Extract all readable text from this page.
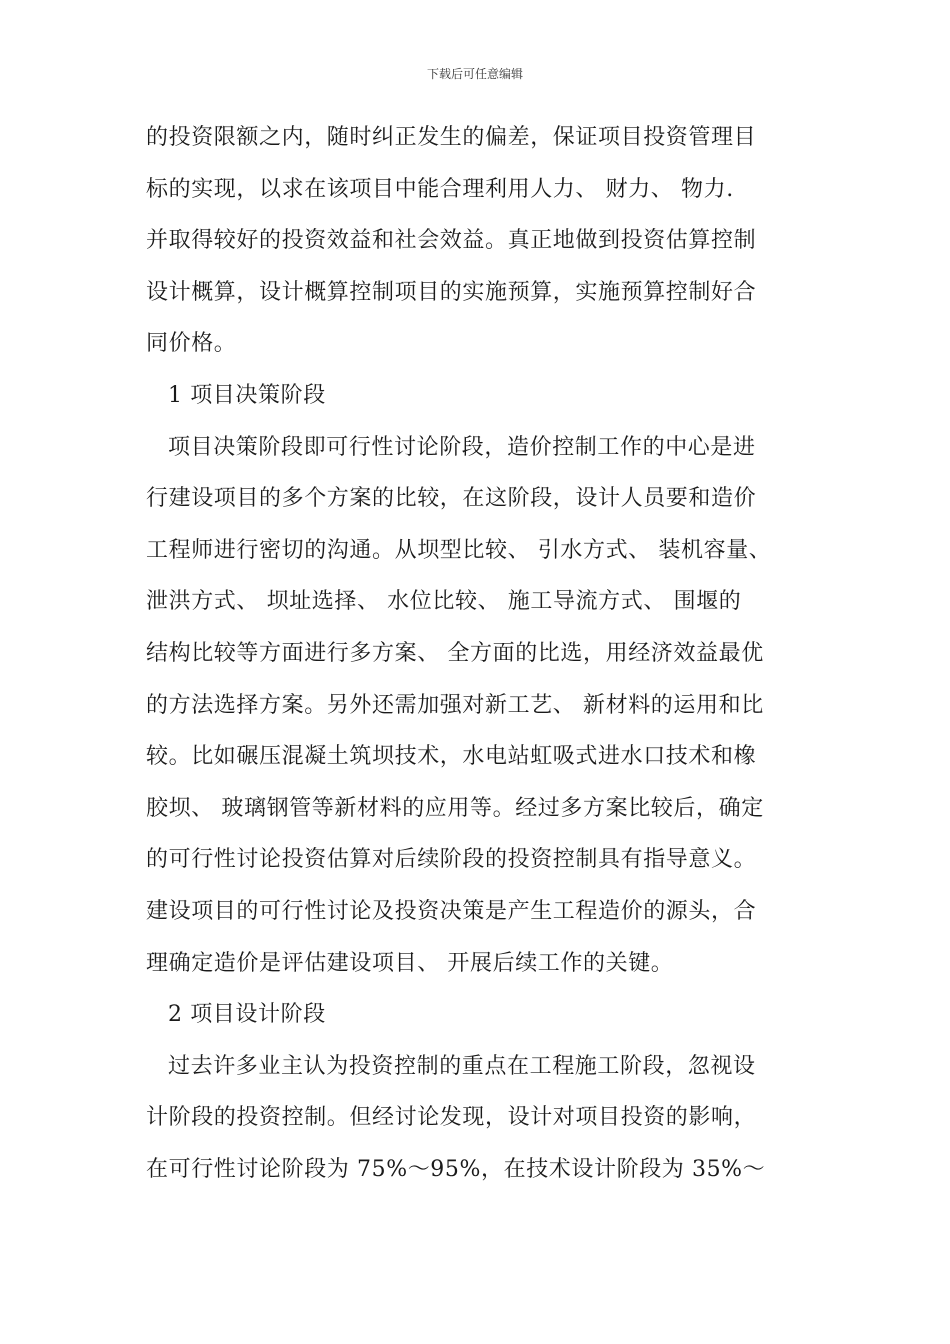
下载后可任意编辑
的投资限额之内，随时纠正发生的偏差，保证项目投资管理目
标的实现，以求在该项目中能合理利用人力、 财力、 物力.
并取得较好的投资效益和社会效益。真正地做到投资估算控制
设计概算，设计概算控制项目的实施预算，实施预算控制好合
同价格。
1 项目决策阶段
项目决策阶段即可行性讨论阶段，造价控制工作的中心是进
行建设项目的多个方案的比较，在这阶段，设计人员要和造价
工程师进行密切的沟通。从坝型比较、 引水方式、 装机容量、
泄洪方式、 坝址选择、 水位比较、 施工导流方式、 围堰的
结构比较等方面进行多方案、 全方面的比选，用经济效益最优
的方法选择方案。另外还需加强对新工艺、 新材料的运用和比
较。比如碾压混凝土筑坝技术，水电站虹吸式进水口技术和橡
胶坝、 玻璃钢管等新材料的应用等。经过多方案比较后，确定
的可行性讨论投资估算对后续阶段的投资控制具有指导意义。
建设项目的可行性讨论及投资决策是产生工程造价的源头，合
理确定造价是评估建设项目、 开展后续工作的关键。
2 项目设计阶段
过去许多业主认为投资控制的重点在工程施工阶段，忽视设
计阶段的投资控制。但经讨论发现，设计对项目投资的影响，
在可行性讨论阶段为 75%～95%，在技术设计阶段为 35%～
